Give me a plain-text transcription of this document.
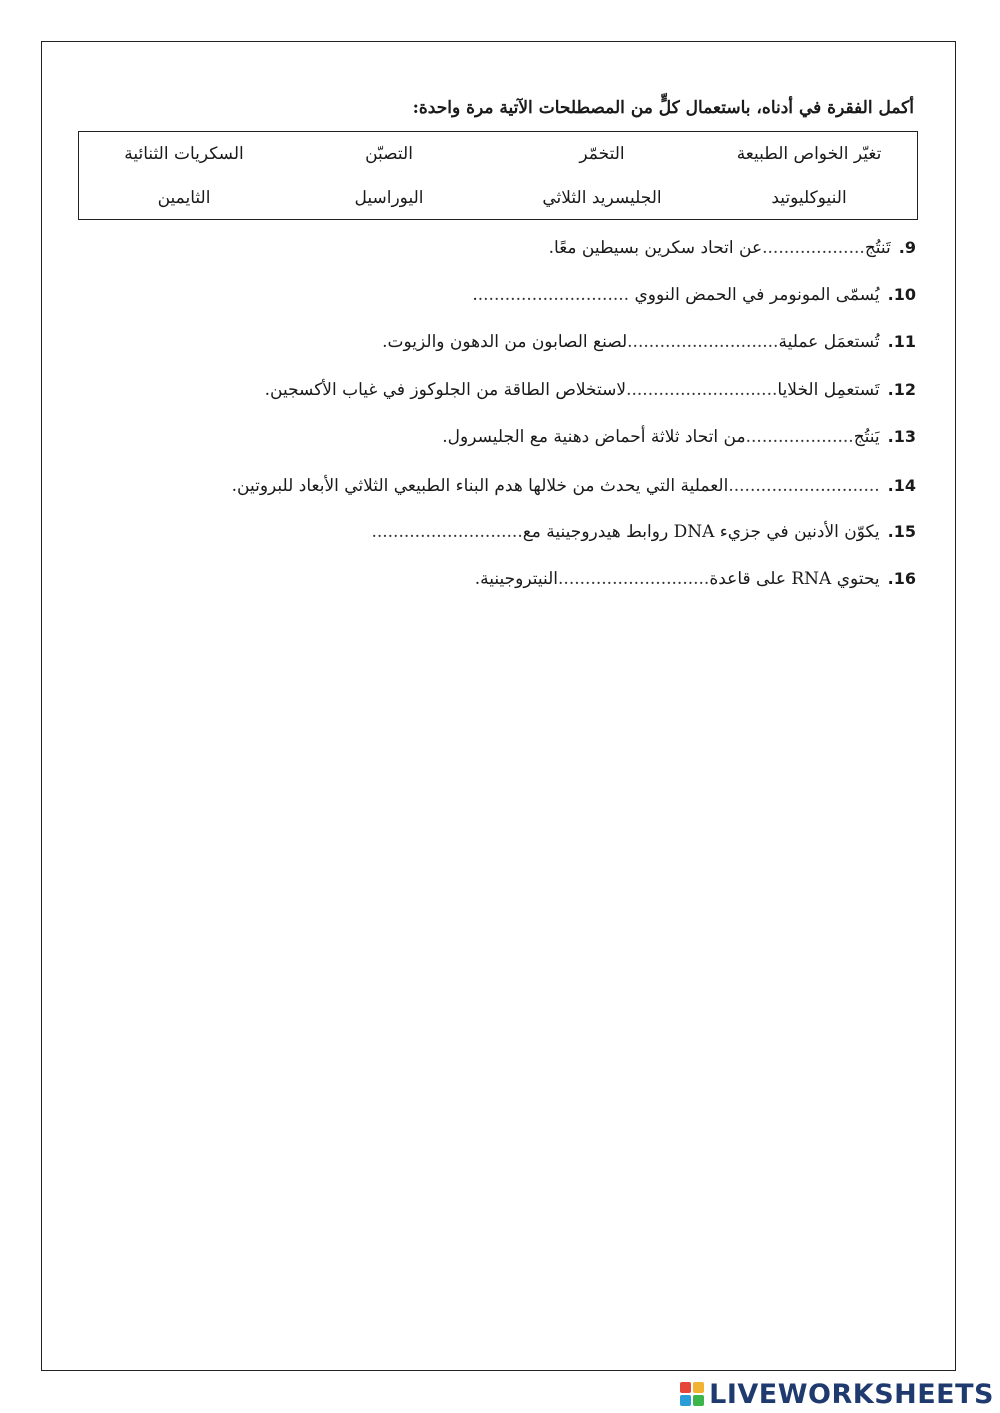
أكمل الفقرة في أدناه، باستعمال كلٍّ من المصطلحات الآتية مرة واحدة:
تغيّر الخواص الطبيعة
التخمّر
التصبّن
السكريات الثنائية
النيوكليوتيد
الجليسريد الثلاثي
اليوراسيل
الثايمين
9.تَنتُج...................عن اتحاد سكرين بسيطين معًا.
10.يُسمّى المونومر في الحمض النووي .............................
11.تُستعمَل عملية............................لصنع الصابون من الدهون والزيوت.
12.تَستعمِل الخلايا............................لاستخلاص الطاقة من الجلوكوز في غياب الأكسجين.
13.يَنتُج....................من اتحاد ثلاثة أحماض دهنية مع الجليسرول.
14.............................العملية التي يحدث من خلالها هدم البناء الطبيعي الثلاثي الأبعاد للبروتين.
15.يكوّن الأدنين في جزيء DNA روابط هيدروجينية مع............................
16.يحتوي RNA على قاعدة............................النيتروجينية.
LIVEWORKSHEETS
